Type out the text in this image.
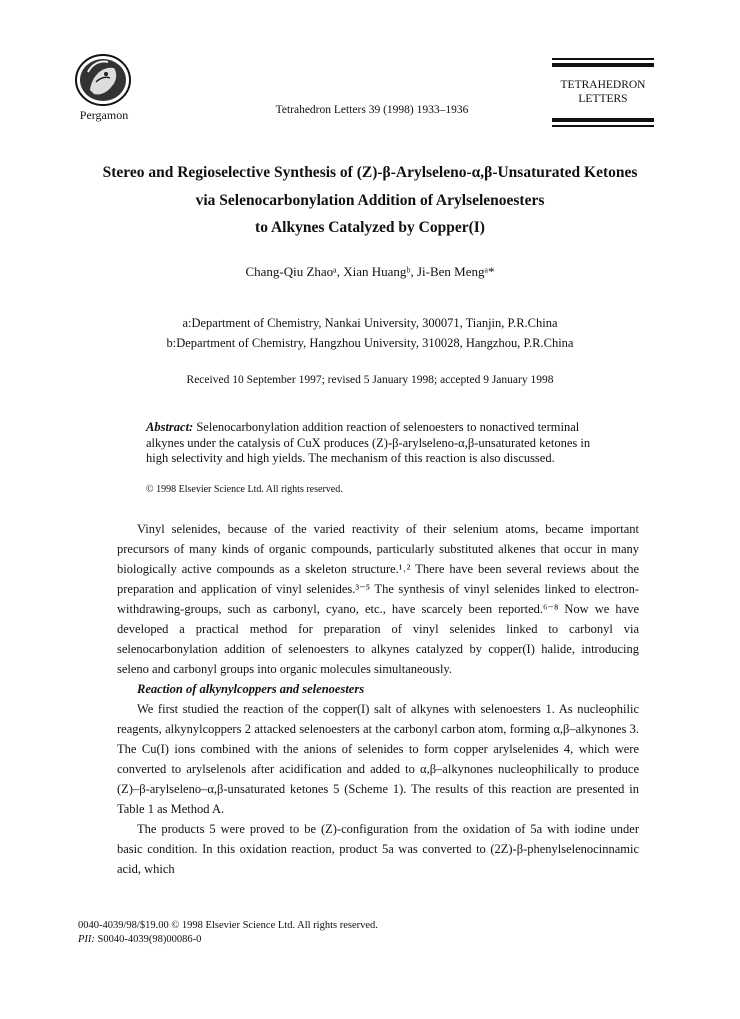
Pergamon	Tetrahedron Letters 39 (1998) 1933–1936
TETRAHEDRON
LETTERS
Stereo and Regioselective Synthesis of (Z)-β-Arylseleno-α,β-Unsaturated Ketones
via Selenocarbonylation Addition of Arylselenoesters
to Alkynes Catalyzed by Copper(I)
Chang-Qiu Zhaoᵃ, Xian Huangᵇ, Ji-Ben Mengᵃ*
a:Department of Chemistry, Nankai University, 300071, Tianjin, P.R.China
b:Department of Chemistry, Hangzhou University, 310028, Hangzhou, P.R.China
Received 10 September 1997; revised 5 January 1998; accepted 9 January 1998
Abstract: Selenocarbonylation addition reaction of selenoesters to nonactived terminal alkynes under the catalysis of CuX produces (Z)-β-arylseleno-α,β-unsaturated ketones in high selectivity and high yields. The mechanism of this reaction is also discussed.
© 1998 Elsevier Science Ltd. All rights reserved.

Vinyl selenides, because of the varied reactivity of their selenium atoms, became important precursors of many kinds of organic compounds, particularly substituted alkenes that occur in many biologically active compounds as a skeleton structure.¹˒² There have been several reviews about the preparation and application of vinyl selenides.³⁻⁵ The synthesis of vinyl selenides linked to electron-withdrawing-groups, such as carbonyl, cyano, etc., have scarcely been reported.⁶⁻⁸ Now we have developed a practical method for preparation of vinyl selenides linked to carbonyl via selenocarbonylation addition of selenoesters to alkynes catalyzed by copper(I) halide, introducing seleno and carbonyl groups into organic molecules simultaneously.

Reaction of alkynylcoppers and selenoesters

We first studied the reaction of the copper(I) salt of alkynes with selenoesters 1. As nucleophilic reagents, alkynylcoppers 2 attacked selenoesters at the carbonyl carbon atom, forming α,β–alkynones 3. The Cu(I) ions combined with the anions of selenides to form copper arylselenides 4, which were converted to arylselenols after acidification and added to α,β–alkynones nucleophilically to produce (Z)–β-arylseleno–α,β-unsaturated ketones 5 (Scheme 1). The results of this reaction are presented in Table 1 as Method A.

The products 5 were proved to be (Z)-configuration from the oxidation of 5a with iodine under basic condition. In this oxidation reaction, product 5a was converted to (2Z)-β-phenylselenocinnamic acid, which

0040-4039/98/$19.00 © 1998 Elsevier Science Ltd. All rights reserved.
PII: S0040-4039(98)00086-0
